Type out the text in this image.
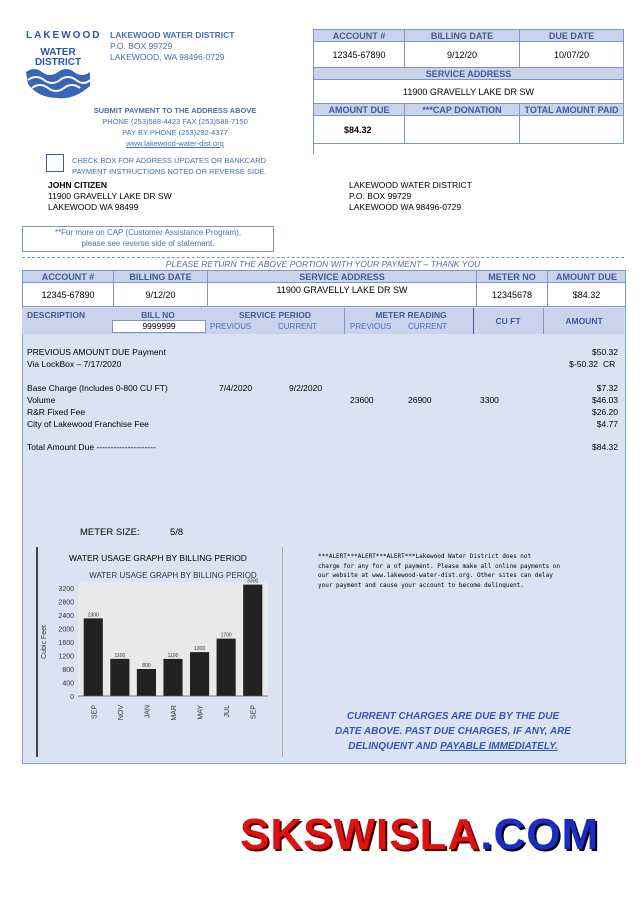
LAKEWOOD
WATER
DISTRICT
LAKEWOOD WATER DISTRICT
P.O. BOX 99729
LAKEWOOD, WA 98496-0729
SUBMIT PAYMENT TO THE ADDRESS ABOVE
PHONE (253)588-4423 FAX (253)588-7150
PAY BY PHONE (253)292-4377
www.lakewood-water-dist.org
CHECK BOX FOR ADDRESS UPDATES OR BANKCARD
PAYMENT INSTRUCTIONS NOTED OR REVERSE SIDE.
JOHN CITIZEN
11900 GRAVELLY LAKE DR SW
LAKEWOOD WA 98499
LAKEWOOD WATER DISTRICT
P.O. BOX 99729
LAKEWOOD WA 98496-0729
**For more on CAP (Customer Assistance Program),
please see reverse side of statement.
ACCOUNT #	BILLING DATE	DUE DATE
12345-67890	9/12/20	10/07/20
SERVICE ADDRESS		
11900 GRAVELLY LAKE DR SW		
AMOUNT DUE	***CAP DONATION	TOTAL AMOUNT PAID
$84.32		
PLEASE RETURN THE ABOVE PORTION WITH YOUR PAYMENT – THANK YOU
ACCOUNT #	BILLING DATE	SERVICE ADDRESS	METER NO	AMOUNT DUE
12345-67890	9/12/20	11900 GRAVELLY LAKE DR SW	12345678	$84.32
DESCRIPTION	BILL NO
9999999
SERVICE PERIOD
PREVIOUS	CURRENT
METER READING
PREVIOUS CURRENT
CU FT	AMOUNT
PREVIOUS AMOUNT DUE Payment	$50.32
Via LockBox – 7/17/2020	$-50.32 CR
Base Charge (Includes 0-800 CU FT)	7/4/2020	9/2/2020	$7.32
Volume	23600	26900	3300	$46.03
R&R Fixed Fee	$26.20
City of Lakewood Franchise Fee	$4.77
Total Amount Due ---------------------	$84.32
METER SIZE:	5/8
WATER USAGE GRAPH BY BILLING PERIOD
WATER USAGE GRAPH BY BILLING PERIOD
0
400
800
1200
1600
2000
2400
2800
3200
Cubic Feet
2300
SEP
1100
NOV
800
JAN
1100
MAR
1300
MAY
1700
JUL
3300
SEP
***ALERT***ALERT***ALERT***Lakewood Water District does not
charge for any for a of payment. Please make all online payments on
our website at www.lakewood-water-dist.org. Other sites can delay
your payment and cause your account to become delinquent.
CURRENT CHARGES ARE DUE BY THE DUE
DATE ABOVE. PAST DUE CHARGES, IF ANY, ARE
DELINQUENT AND PAYABLE IMMEDIATELY.
SKSWISLA.COM
